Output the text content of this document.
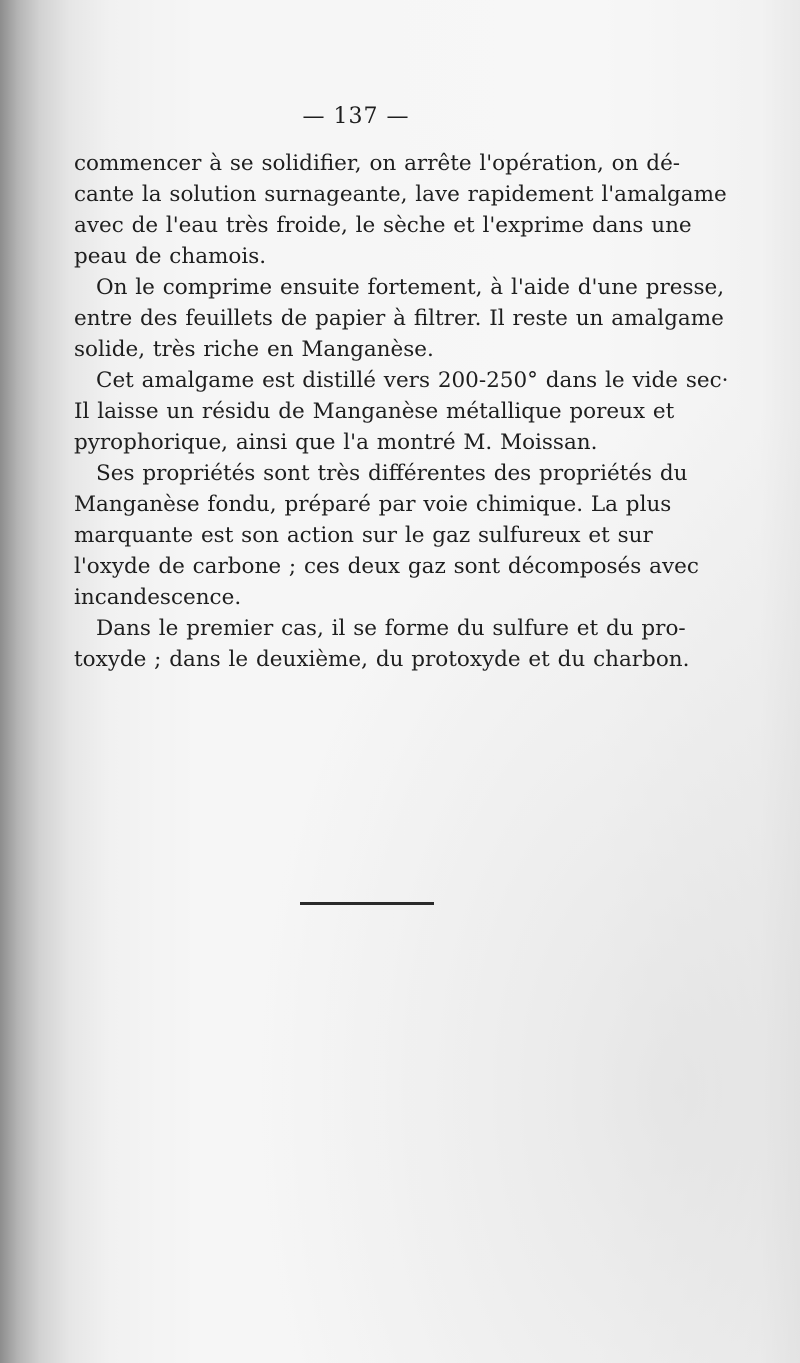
— 137 —
commencer à se solidifier, on arrête l'opération, on dé-
cante la solution surnageante, lave rapidement l'amalgame
avec de l'eau très froide, le sèche et l'exprime dans une
peau de chamois.
On le comprime ensuite fortement, à l'aide d'une presse,
entre des feuillets de papier à filtrer. Il reste un amalgame
solide, très riche en Manganèse.
Cet amalgame est distillé vers 200-250° dans le vide sec·
Il laisse un résidu de Manganèse métallique poreux et
pyrophorique, ainsi que l'a montré M. Moissan.
Ses propriétés sont très différentes des propriétés du
Manganèse fondu, préparé par voie chimique. La plus
marquante est son action sur le gaz sulfureux et sur
l'oxyde de carbone ; ces deux gaz sont décomposés avec
incandescence.
Dans le premier cas, il se forme du sulfure et du pro-
toxyde ; dans le deuxième, du protoxyde et du charbon.
